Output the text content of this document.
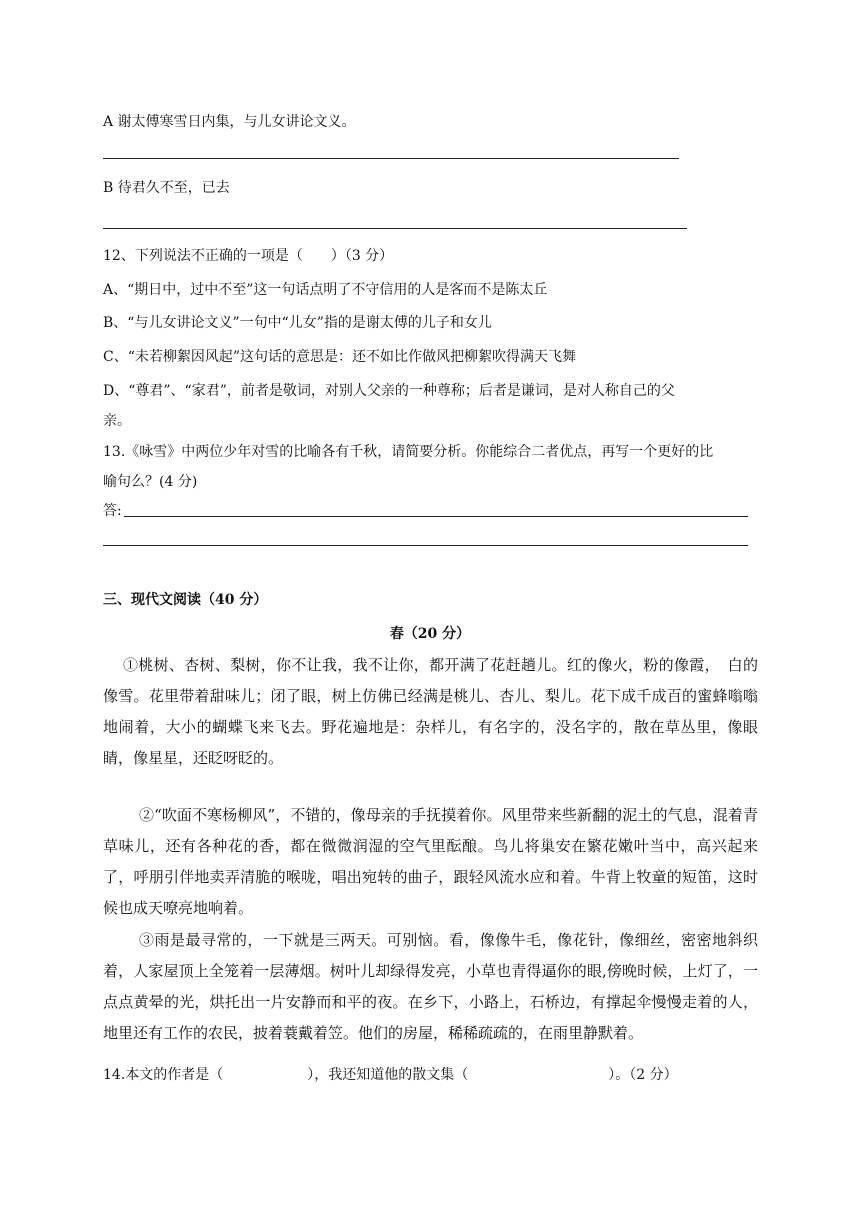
A 谢太傅寒雪日内集，与儿女讲论文义。
B 待君久不至，已去
12、下列说法不正确的一项是（　　）（3 分）
A、“期日中，过中不至”这一句话点明了不守信用的人是客而不是陈太丘
B、“与儿女讲论文义”一句中“儿女”指的是谢太傅的儿子和女儿
C、“未若柳絮因风起”这句话的意思是：还不如比作做风把柳絮吹得满天飞舞
D、“尊君”、“家君”，前者是敬词，对别人父亲的一种尊称；后者是谦词，是对人称自己的父
亲。
13.《咏雪》中两位少年对雪的比喻各有千秋，请简要分析。你能综合二者优点，再写一个更好的比
喻句么？(4 分)
答:
三、现代文阅读（40 分）
春（20 分）
①桃树、杏树、梨树，你不让我，我不让你，都开满了花赶趟儿。红的像火，粉的像霞，　白的像雪。花里带着甜味儿；闭了眼，树上仿佛已经满是桃儿、杏儿、梨儿。花下成千成百的蜜蜂嗡嗡地闹着，大小的蝴蝶飞来飞去。野花遍地是：杂样儿，有名字的，没名字的，散在草丛里，像眼睛，像星星，还眨呀眨的。
②“吹面不寒杨柳风”，不错的，像母亲的手抚摸着你。风里带来些新翻的泥土的气息，混着青草味儿，还有各种花的香，都在微微润湿的空气里酝酿。鸟儿将巢安在繁花嫩叶当中，高兴起来了，呼朋引伴地卖弄清脆的喉咙，唱出宛转的曲子，跟轻风流水应和着。牛背上牧童的短笛，这时候也成天嘹亮地响着。
③雨是最寻常的，一下就是三两天。可别恼。看，像像牛毛，像花针，像细丝，密密地斜织着，人家屋顶上全笼着一层薄烟。树叶儿却绿得发亮，小草也青得逼你的眼,傍晚时候，上灯了，一点点黄晕的光，烘托出一片安静而和平的夜。在乡下，小路上，石桥边，有撑起伞慢慢走着的人，地里还有工作的农民，披着蓑戴着笠。他们的房屋，稀稀疏疏的，在雨里静默着。
14.本文的作者是（　　　　　　），我还知道他的散文集（　　　　　　　　　　）。（2 分）
